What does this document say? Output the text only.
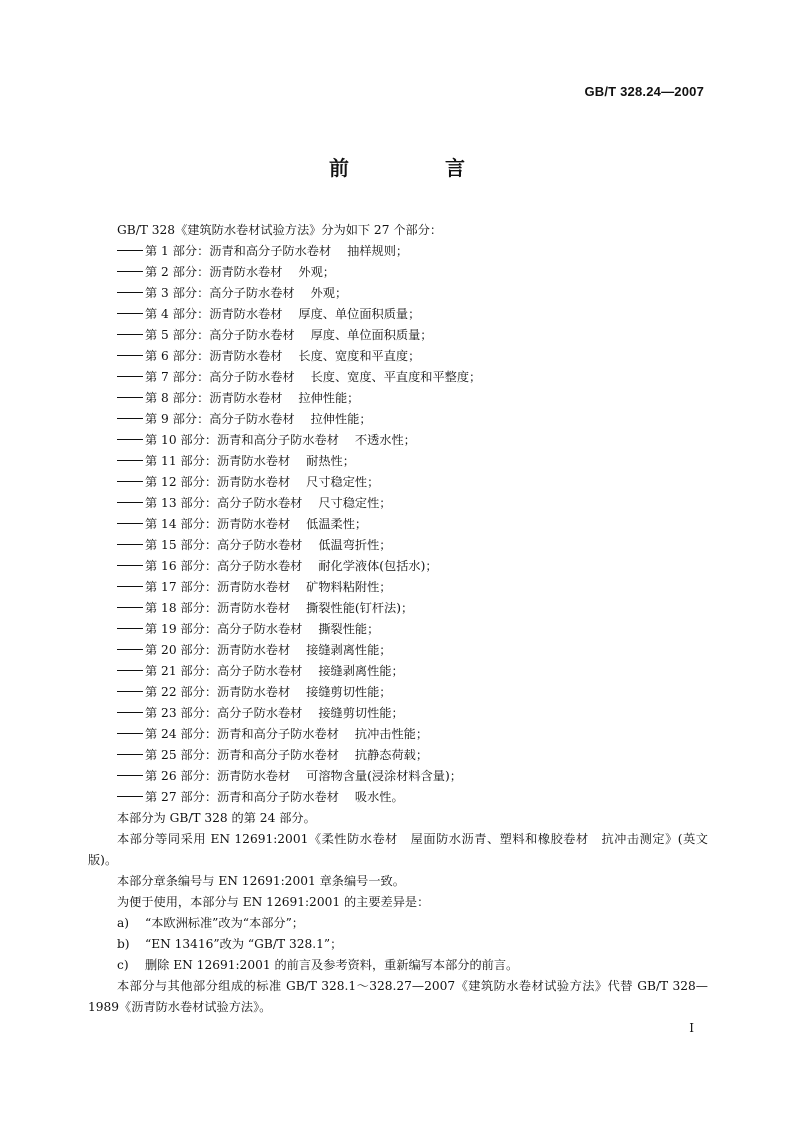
GB/T 328.24—2007
前　言
GB/T 328《建筑防水卷材试验方法》分为如下 27 个部分：
第 1 部分：沥青和高分子防水卷材 抽样规则；
第 2 部分：沥青防水卷材 外观；
第 3 部分：高分子防水卷材 外观；
第 4 部分：沥青防水卷材 厚度、单位面积质量；
第 5 部分：高分子防水卷材 厚度、单位面积质量；
第 6 部分：沥青防水卷材 长度、宽度和平直度；
第 7 部分：高分子防水卷材 长度、宽度、平直度和平整度；
第 8 部分：沥青防水卷材 拉伸性能；
第 9 部分：高分子防水卷材 拉伸性能；
第 10 部分：沥青和高分子防水卷材 不透水性；
第 11 部分：沥青防水卷材 耐热性；
第 12 部分：沥青防水卷材 尺寸稳定性；
第 13 部分：高分子防水卷材 尺寸稳定性；
第 14 部分：沥青防水卷材 低温柔性；
第 15 部分：高分子防水卷材 低温弯折性；
第 16 部分：高分子防水卷材 耐化学液体(包括水)；
第 17 部分：沥青防水卷材 矿物料粘附性；
第 18 部分：沥青防水卷材 撕裂性能(钉杆法)；
第 19 部分：高分子防水卷材 撕裂性能；
第 20 部分：沥青防水卷材 接缝剥离性能；
第 21 部分：高分子防水卷材 接缝剥离性能；
第 22 部分：沥青防水卷材 接缝剪切性能；
第 23 部分：高分子防水卷材 接缝剪切性能；
第 24 部分：沥青和高分子防水卷材 抗冲击性能；
第 25 部分：沥青和高分子防水卷材 抗静态荷载；
第 26 部分：沥青防水卷材 可溶物含量(浸涂材料含量)；
第 27 部分：沥青和高分子防水卷材 吸水性。
本部分为 GB/T 328 的第 24 部分。
本部分等同采用 EN 12691:2001《柔性防水卷材　屋面防水沥青、塑料和橡胶卷材　抗冲击测定》(英文版)。
本部分章条编号与 EN 12691:2001 章条编号一致。
为便于使用，本部分与 EN 12691:2001 的主要差异是：
a) “本欧洲标准”改为“本部分”；
b) “EN 13416”改为 “GB/T 328.1”；
c) 删除 EN 12691:2001 的前言及参考资料，重新编写本部分的前言。
本部分与其他部分组成的标准 GB/T 328.1～328.27—2007《建筑防水卷材试验方法》代替 GB/T 328—1989《沥青防水卷材试验方法》。
I
